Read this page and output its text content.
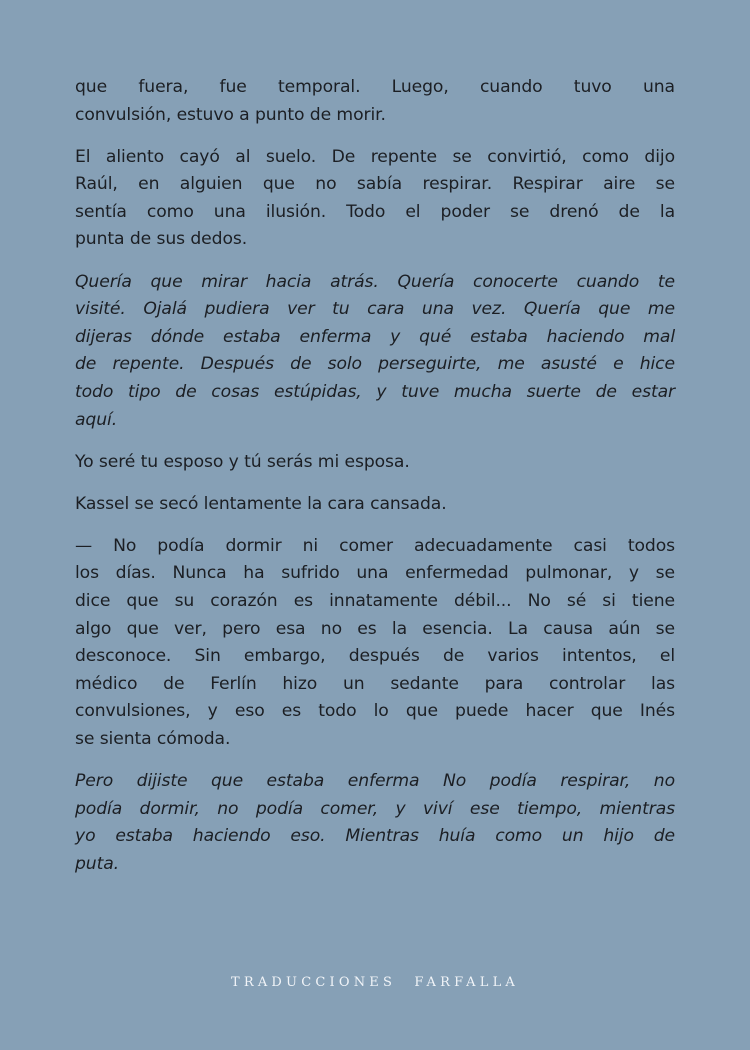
que fuera, fue temporal. Luego, cuando tuvo una
convulsión, estuvo a punto de morir.
El aliento cayó al suelo. De repente se convirtió, como dijo
Raúl, en alguien que no sabía respirar. Respirar aire se
sentía como una ilusión. Todo el poder se drenó de la
punta de sus dedos.
Quería que mirar hacia atrás. Quería conocerte cuando te
visité. Ojalá pudiera ver tu cara una vez. Quería que me
dijeras dónde estaba enferma y qué estaba haciendo mal
de repente. Después de solo perseguirte, me asusté e hice
todo tipo de cosas estúpidas, y tuve mucha suerte de estar
aquí.
Yo seré tu esposo y tú serás mi esposa.
Kassel se secó lentamente la cara cansada.
— No podía dormir ni comer adecuadamente casi todos
los días. Nunca ha sufrido una enfermedad pulmonar, y se
dice que su corazón es innatamente débil... No sé si tiene
algo que ver, pero esa no es la esencia. La causa aún se
desconoce. Sin embargo, después de varios intentos, el
médico de Ferlín hizo un sedante para controlar las
convulsiones, y eso es todo lo que puede hacer que Inés
se sienta cómoda.
Pero dijiste que estaba enferma No podía respirar, no
podía dormir, no podía comer, y viví ese tiempo, mientras
yo estaba haciendo eso. Mientras huía como un hijo de
puta.
TRADUCCIONES FARFALLA
